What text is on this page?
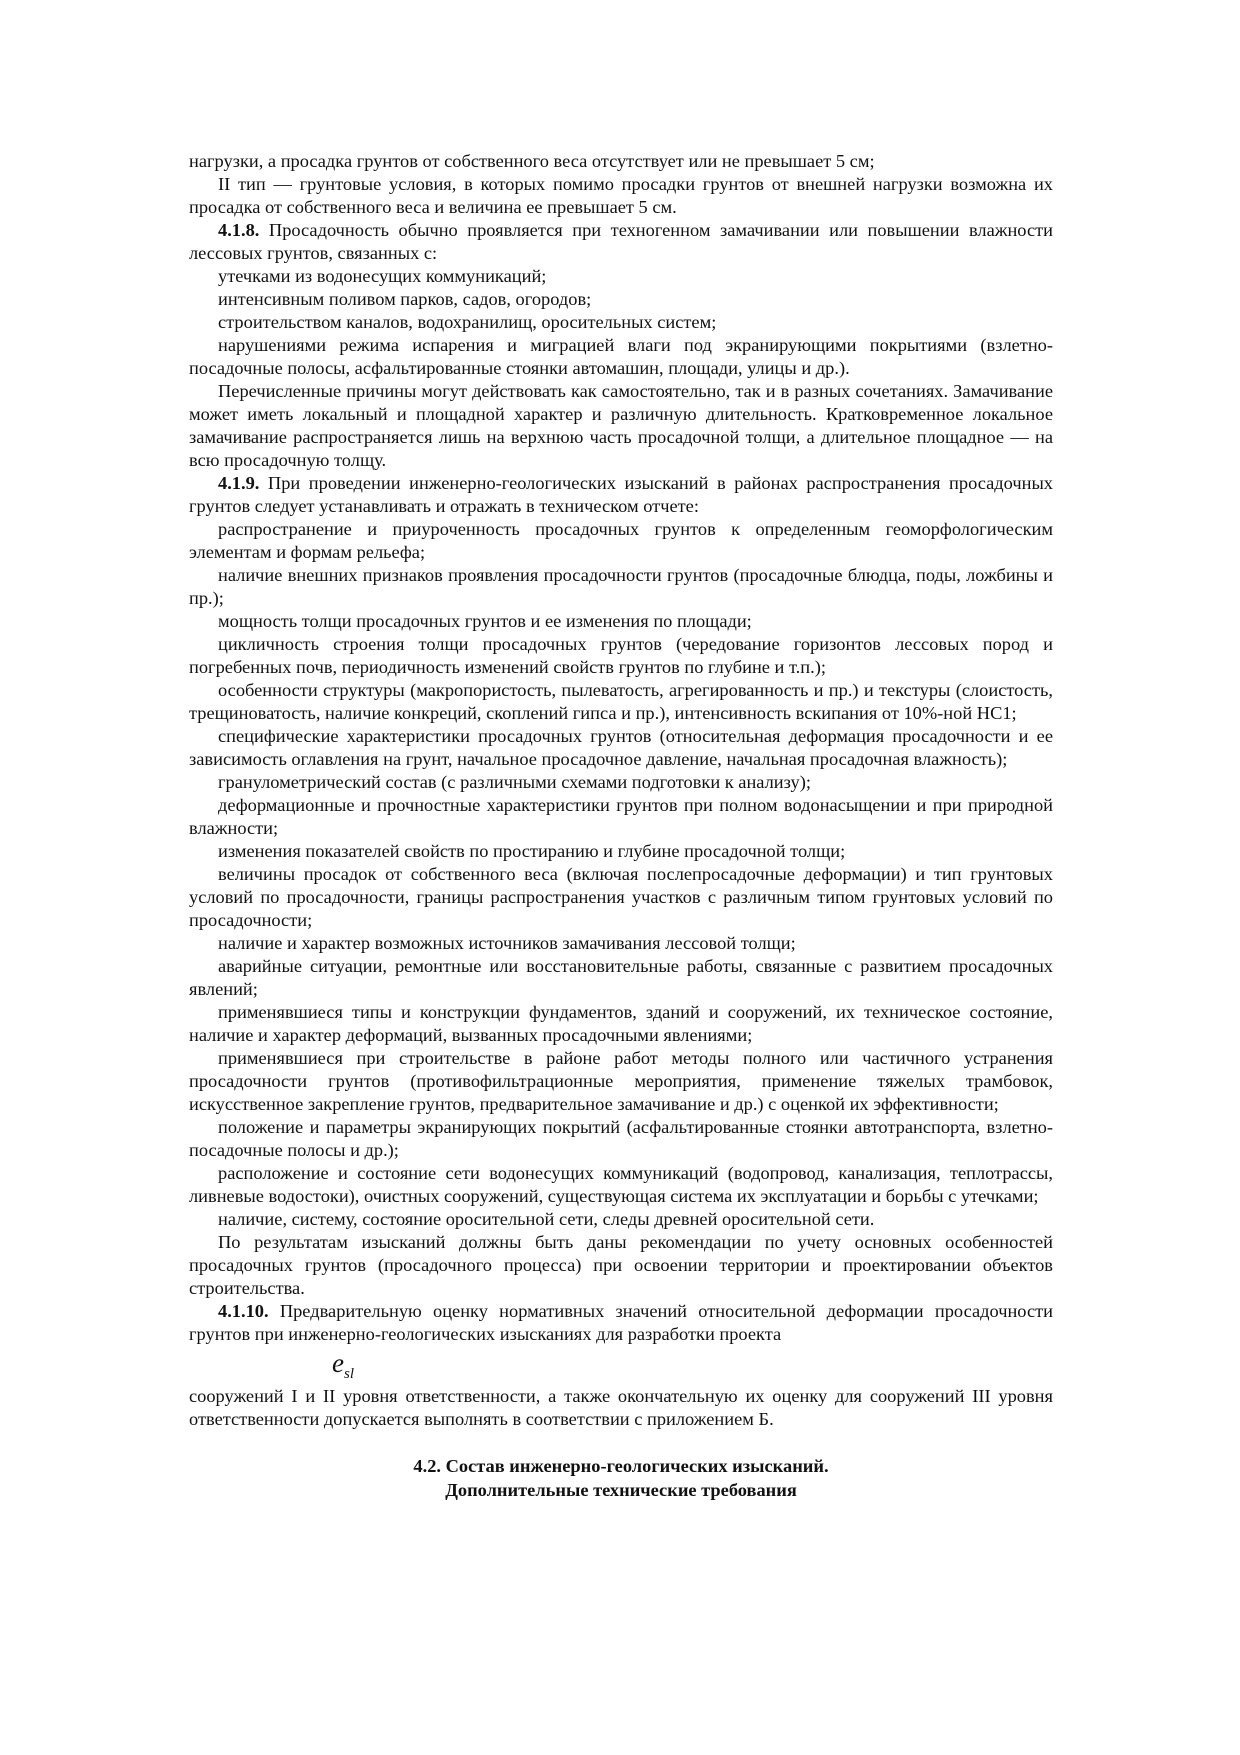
нагрузки, а просадка грунтов от собственного веса отсутствует или не превышает 5 см;

II тип — грунтовые условия, в которых помимо просадки грунтов от внешней нагрузки возможна их просадка от собственного веса и величина ее превышает 5 см.

4.1.8. Просадочность обычно проявляется при техногенном замачивании или повышении влажности лессовых грунтов, связанных с:

утечками из водонесущих коммуникаций;

интенсивным поливом парков, садов, огородов;

строительством каналов, водохранилищ, оросительных систем;

нарушениями режима испарения и миграцией влаги под экранирующими покрытиями (взлетно-посадочные полосы, асфальтированные стоянки автомашин, площади, улицы и др.).

Перечисленные причины могут действовать как самостоятельно, так и в разных сочетаниях. Замачивание может иметь локальный и площадной характер и различную длительность. Кратковременное локальное замачивание распространяется лишь на верхнюю часть просадочной толщи, а длительное площадное — на всю просадочную толщу.

4.1.9. При проведении инженерно-геологических изысканий в районах распространения просадочных грунтов следует устанавливать и отражать в техническом отчете:

распространение и приуроченность просадочных грунтов к определенным геоморфологическим элементам и формам рельефа;

наличие внешних признаков проявления просадочности грунтов (просадочные блюдца, поды, ложбины и пр.);

мощность толщи просадочных грунтов и ее изменения по площади;

цикличность строения толщи просадочных грунтов (чередование горизонтов лессовых пород и погребенных почв, периодичность изменений свойств грунтов по глубине и т.п.);

особенности структуры (макропористость, пылеватость, агрегированность и пр.) и текстуры (слоистость, трещиноватость, наличие конкреций, скоплений гипса и пр.), интенсивность вскипания от 10%-ной НС1;

специфические характеристики просадочных грунтов (относительная деформация просадочности и ее зависимость оглавления на грунт, начальное просадочное давление, начальная просадочная влажность);

гранулометрический состав (с различными схемами подготовки к анализу);

деформационные и прочностные характеристики грунтов при полном водонасыщении и при природной влажности;

изменения показателей свойств по простиранию и глубине просадочной толщи;

величины просадок от собственного веса (включая послепросадочные деформации) и тип грунтовых условий по просадочности, границы распространения участков с различным типом грунтовых условий по просадочности;

наличие и характер возможных источников замачивания лессовой толщи;

аварийные ситуации, ремонтные или восстановительные работы, связанные с развитием просадочных явлений;

применявшиеся типы и конструкции фундаментов, зданий и сооружений, их техническое состояние, наличие и характер деформаций, вызванных просадочными явлениями;

применявшиеся при строительстве в районе работ методы полного или частичного устранения просадочности грунтов (противофильтрационные мероприятия, применение тяжелых трамбовок, искусственное закрепление грунтов, предварительное замачивание и др.) с оценкой их эффективности;

положение и параметры экранирующих покрытий (асфальтированные стоянки автотранспорта, взлетно-посадочные полосы и др.);

расположение и состояние сети водонесущих коммуникаций (водопровод, канализация, теплотрассы, ливневые водостоки), очистных сооружений, существующая система их эксплуатации и борьбы с утечками;

наличие, систему, состояние оросительной сети, следы древней оросительной сети.

По результатам изысканий должны быть даны рекомендации по учету основных особенностей просадочных грунтов (просадочного процесса) при освоении территории и проектировании объектов строительства.

4.1.10. Предварительную оценку нормативных значений относительной деформации просадочности грунтов при инженерно-геологических изысканиях для разработки проекта

$e_{sl}$

сооружений I и II уровня ответственности, а также окончательную их оценку для сооружений III уровня ответственности допускается выполнять в соответствии с приложением Б.

4.2. Состав инженерно-геологических изысканий.
Дополнительные технические требования
